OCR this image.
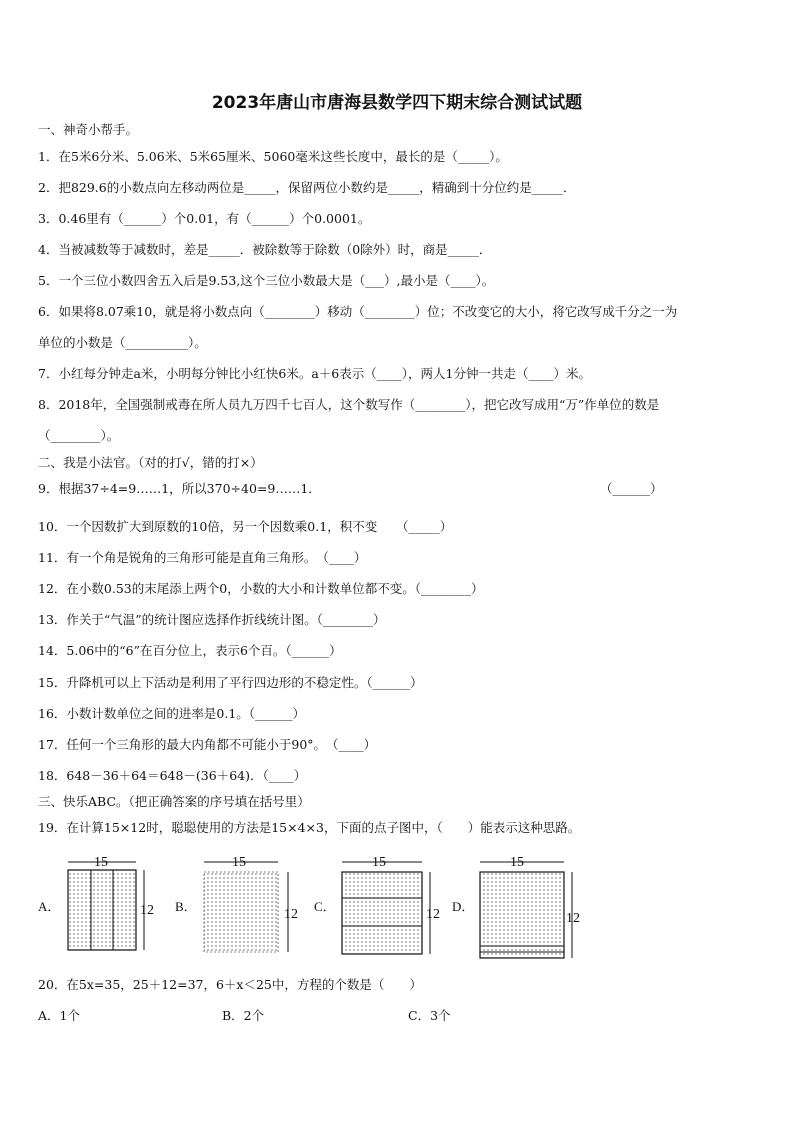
2023年唐山市唐海县数学四下期末综合测试试题
一、神奇小帮手。
1．在5米6分米、5.06米、5米65厘米、5060毫米这些长度中，最长的是（_____）。
2．把829.6的小数点向左移动两位是_____，保留两位小数约是_____，精确到十分位约是_____．
3．0.46里有（______）个0.01，有（______）个0.0001。
4．当被减数等于减数时，差是_____．被除数等于除数（0除外）时，商是_____．
5．一个三位小数四舍五入后是9.53,这个三位小数最大是（___）,最小是（____）。
6．如果将8.07乘10，就是将小数点向（________）移动（________）位；不改变它的大小，将它改写成千分之一为
单位的小数是（__________）。
7．小红每分钟走a米，小明每分钟比小红快6米。a＋6表示（____），两人1分钟一共走（____）米。
8．2018年，全国强制戒毒在所人员九万四千七百人，这个数写作（________），把它改写成用“万”作单位的数是
（________）。
二、我是小法官。（对的打√，错的打×）
9．根据37÷4=9……1，所以370÷40=9……1．	（______）
10．一个因数扩大到原数的10倍，另一个因数乘0.1，积不变　　（_____）
11．有一个角是锐角的三角形可能是直角三角形。　（____）
12．在小数0.53的末尾添上两个0，小数的大小和计数单位都不变。（________）
13．作关于“气温”的统计图应选择作折线统计图。（________）
14．5.06中的“6”在百分位上，表示6个百。（______）
15．升降机可以上下活动是利用了平行四边形的不稳定性。（______）
16．小数计数单位之间的进率是0.1。（______）
17．任何一个三角形的最大内角都不可能小于90°。　（____）
18．648－36＋64＝648－(36＋64)．（____）
三、快乐ABC。（把正确答案的序号填在括号里）
19．在计算15×12时，聪聪使用的方法是15×4×3，下面的点子图中，（　　）能表示这种思路。
A．	B．	C．	D．
15
12
15
12
15
12
15
12
20．在5x=35，25＋12=37，6＋x＜25中，方程的个数是（　　）
A．1个	B．2个	C．3个
